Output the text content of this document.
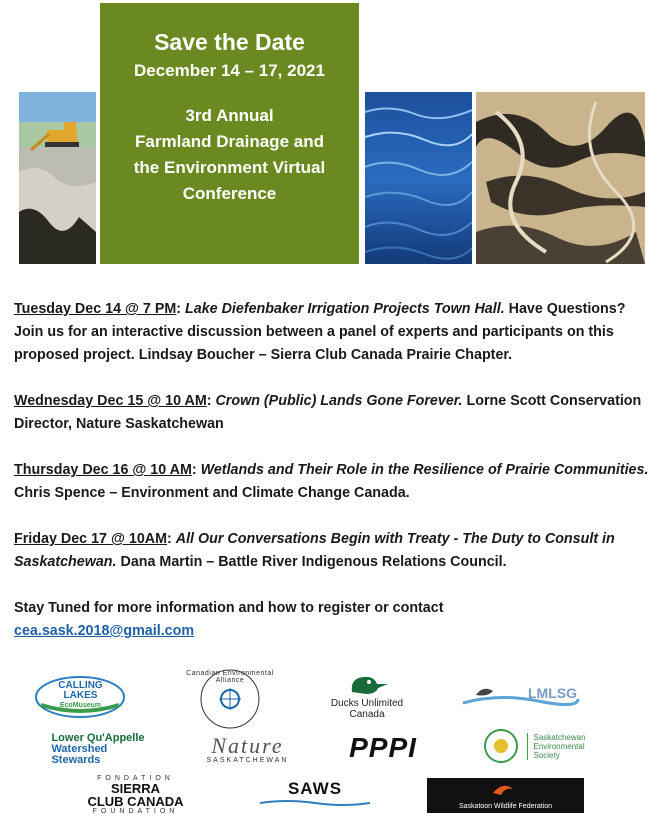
Save the Date
December 14 – 17, 2021
3rd Annual
Farmland Drainage and
the Environment Virtual
Conference

Tuesday Dec 14 @ 7 PM: Lake Diefenbaker Irrigation Projects Town Hall. Have Questions? Join us for an interactive discussion between a panel of experts and participants on this proposed project. Lindsay Boucher – Sierra Club Canada Prairie Chapter.

Wednesday Dec 15 @ 10 AM: Crown (Public) Lands Gone Forever. Lorne Scott Conservation Director, Nature Saskatchewan

Thursday Dec 16 @ 10 AM: Wetlands and Their Role in the Resilience of Prairie Communities. Chris Spence – Environment and Climate Change Canada.

Friday Dec 17 @ 10AM: All Our Conversations Begin with Treaty - The Duty to Consult in Saskatchewan. Dana Martin – Battle River Indigenous Relations Council.

Stay Tuned for more information and how to register or contact
cea.sask.2018@gmail.com

CALLING
LAKES
EcoMuseum
Canadian Environmental Alliance
Ducks Unlimited
Canada
LMLSG
Lower Qu'Appelle
Watershed
Stewards
Nature
SASKATCHEWAN PPPI	Saskatchewan
Environmental
Society
FONDATION
SIERRA
CLUB CANADA
FOUNDATION
SAWS
Saskatoon Wildlife Federation
